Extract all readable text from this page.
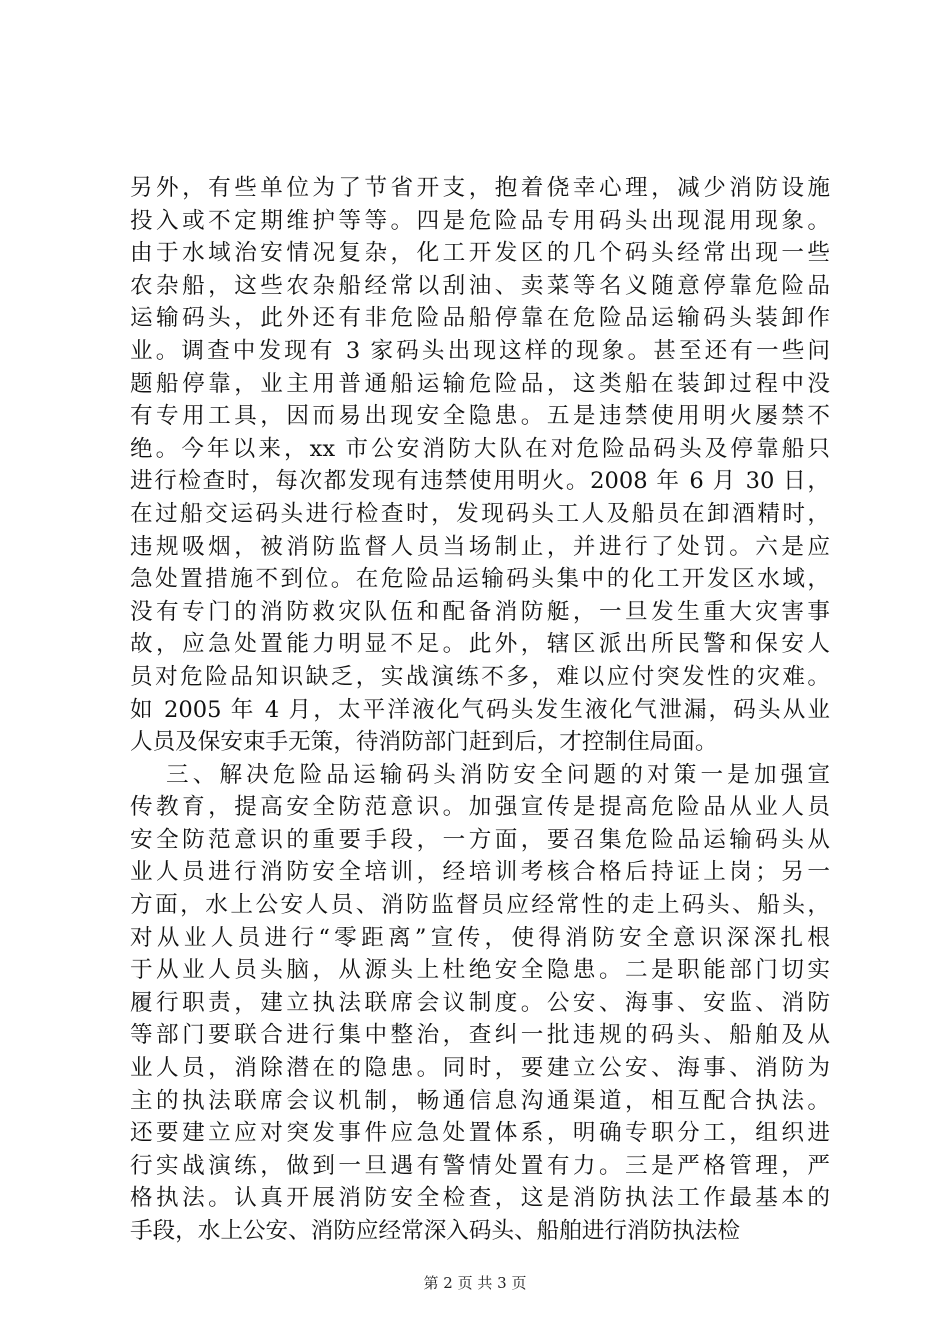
另外，有些单位为了节省开支，抱着侥幸心理，减少消防设施
投入或不定期维护等等。四是危险品专用码头出现混用现象。
由于水域治安情况复杂，化工开发区的几个码头经常出现一些
农杂船，这些农杂船经常以刮油、卖菜等名义随意停靠危险品
运输码头，此外还有非危险品船停靠在危险品运输码头装卸作
业。调查中发现有 3 家码头出现这样的现象。甚至还有一些问
题船停靠，业主用普通船运输危险品，这类船在装卸过程中没
有专用工具，因而易出现安全隐患。五是违禁使用明火屡禁不
绝。今年以来，xx 市公安消防大队在对危险品码头及停靠船只
进行检查时，每次都发现有违禁使用明火。2008 年 6 月 30 日，
在过船交运码头进行检查时，发现码头工人及船员在卸酒精时，
违规吸烟，被消防监督人员当场制止，并进行了处罚。六是应
急处置措施不到位。在危险品运输码头集中的化工开发区水域，
没有专门的消防救灾队伍和配备消防艇，一旦发生重大灾害事
故，应急处置能力明显不足。此外，辖区派出所民警和保安人
员对危险品知识缺乏，实战演练不多，难以应付突发性的灾难。
如 2005 年 4 月，太平洋液化气码头发生液化气泄漏，码头从业
人员及保安束手无策，待消防部门赶到后，才控制住局面。
三、解决危险品运输码头消防安全问题的对策一是加强宣
传教育，提高安全防范意识。加强宣传是提高危险品从业人员
安全防范意识的重要手段，一方面，要召集危险品运输码头从
业人员进行消防安全培训，经培训考核合格后持证上岗；另一
方面，水上公安人员、消防监督员应经常性的走上码头、船头，
对从业人员进行“零距离”宣传，使得消防安全意识深深扎根
于从业人员头脑，从源头上杜绝安全隐患。二是职能部门切实
履行职责，建立执法联席会议制度。公安、海事、安监、消防
等部门要联合进行集中整治，查纠一批违规的码头、船舶及从
业人员，消除潜在的隐患。同时，要建立公安、海事、消防为
主的执法联席会议机制，畅通信息沟通渠道，相互配合执法。
还要建立应对突发事件应急处置体系，明确专职分工，组织进
行实战演练，做到一旦遇有警情处置有力。三是严格管理，严
格执法。认真开展消防安全检查，这是消防执法工作最基本的
手段，水上公安、消防应经常深入码头、船舶进行消防执法检
第 2 页 共 3 页
